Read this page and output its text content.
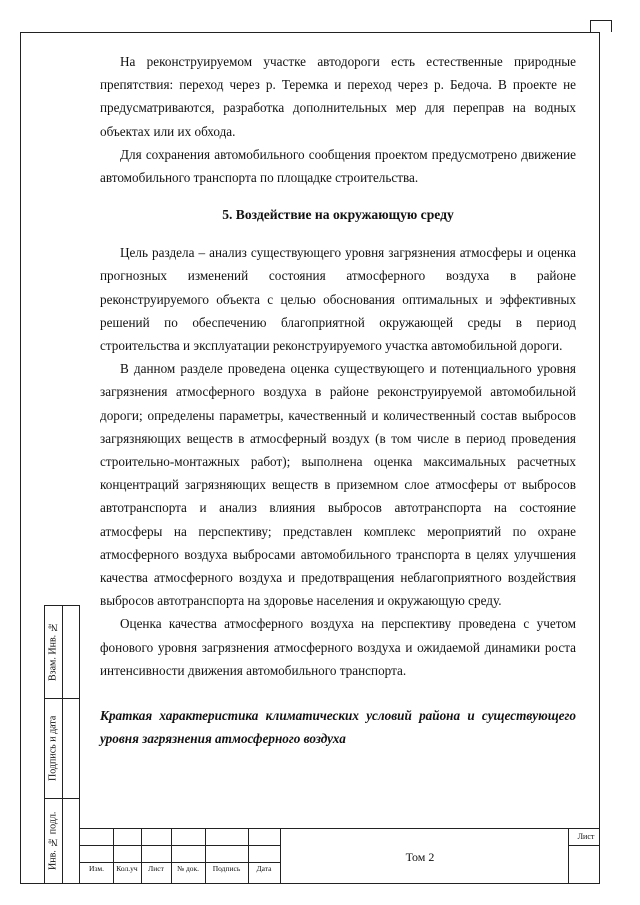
Взам. Инв. №
Подпись и дата
Инв. № подл.

На реконструируемом участке автодороги есть естественные природные препятствия: переход через р. Теремка и переход через р. Бедоча. В проекте не предусматриваются, разработка дополнительных мер для переправ на водных объектах или их обхода.

Для сохранения автомобильного сообщения проектом предусмотрено движение автомобильного транспорта по площадке строительства.

5. Воздействие на окружающую среду

Цель раздела – анализ существующего уровня загрязнения атмосферы и оценка прогнозных изменений состояния атмосферного воздуха в районе реконструируемого объекта с целью обоснования оптимальных и эффективных решений по обеспечению благоприятной окружающей среды в период строительства и эксплуатации реконструируемого участка автомобильной дороги.

В данном разделе проведена оценка существующего и потенциального уровня загрязнения атмосферного воздуха в районе реконструируемой автомобильной дороги; определены параметры, качественный и количественный состав выбросов загрязняющих веществ в атмосферный воздух (в том числе в период проведения строительно-монтажных работ); выполнена оценка максимальных расчетных концентраций загрязняющих веществ в приземном слое атмосферы от выбросов автотранспорта и анализ влияния выбросов автотранспорта на состояние атмосферы на перспективу; представлен комплекс мероприятий по охране атмосферного воздуха выбросами автомобильного транспорта в целях улучшения качества атмосферного воздуха и предотвращения неблагоприятного воздействия выбросов автотранспорта на здоровье населения и окружающую среду.

Оценка качества атмосферного воздуха на перспективу проведена с учетом фонового уровня загрязнения атмосферного воздуха и ожидаемой динамики роста интенсивности движения автомобильного транспорта.

Краткая характеристика климатических условий района и существующего уровня загрязнения атмосферного воздуха

Изм.	Кол.уч	Лист	№ док.	Подпись	Дата
Том 2
Лист
